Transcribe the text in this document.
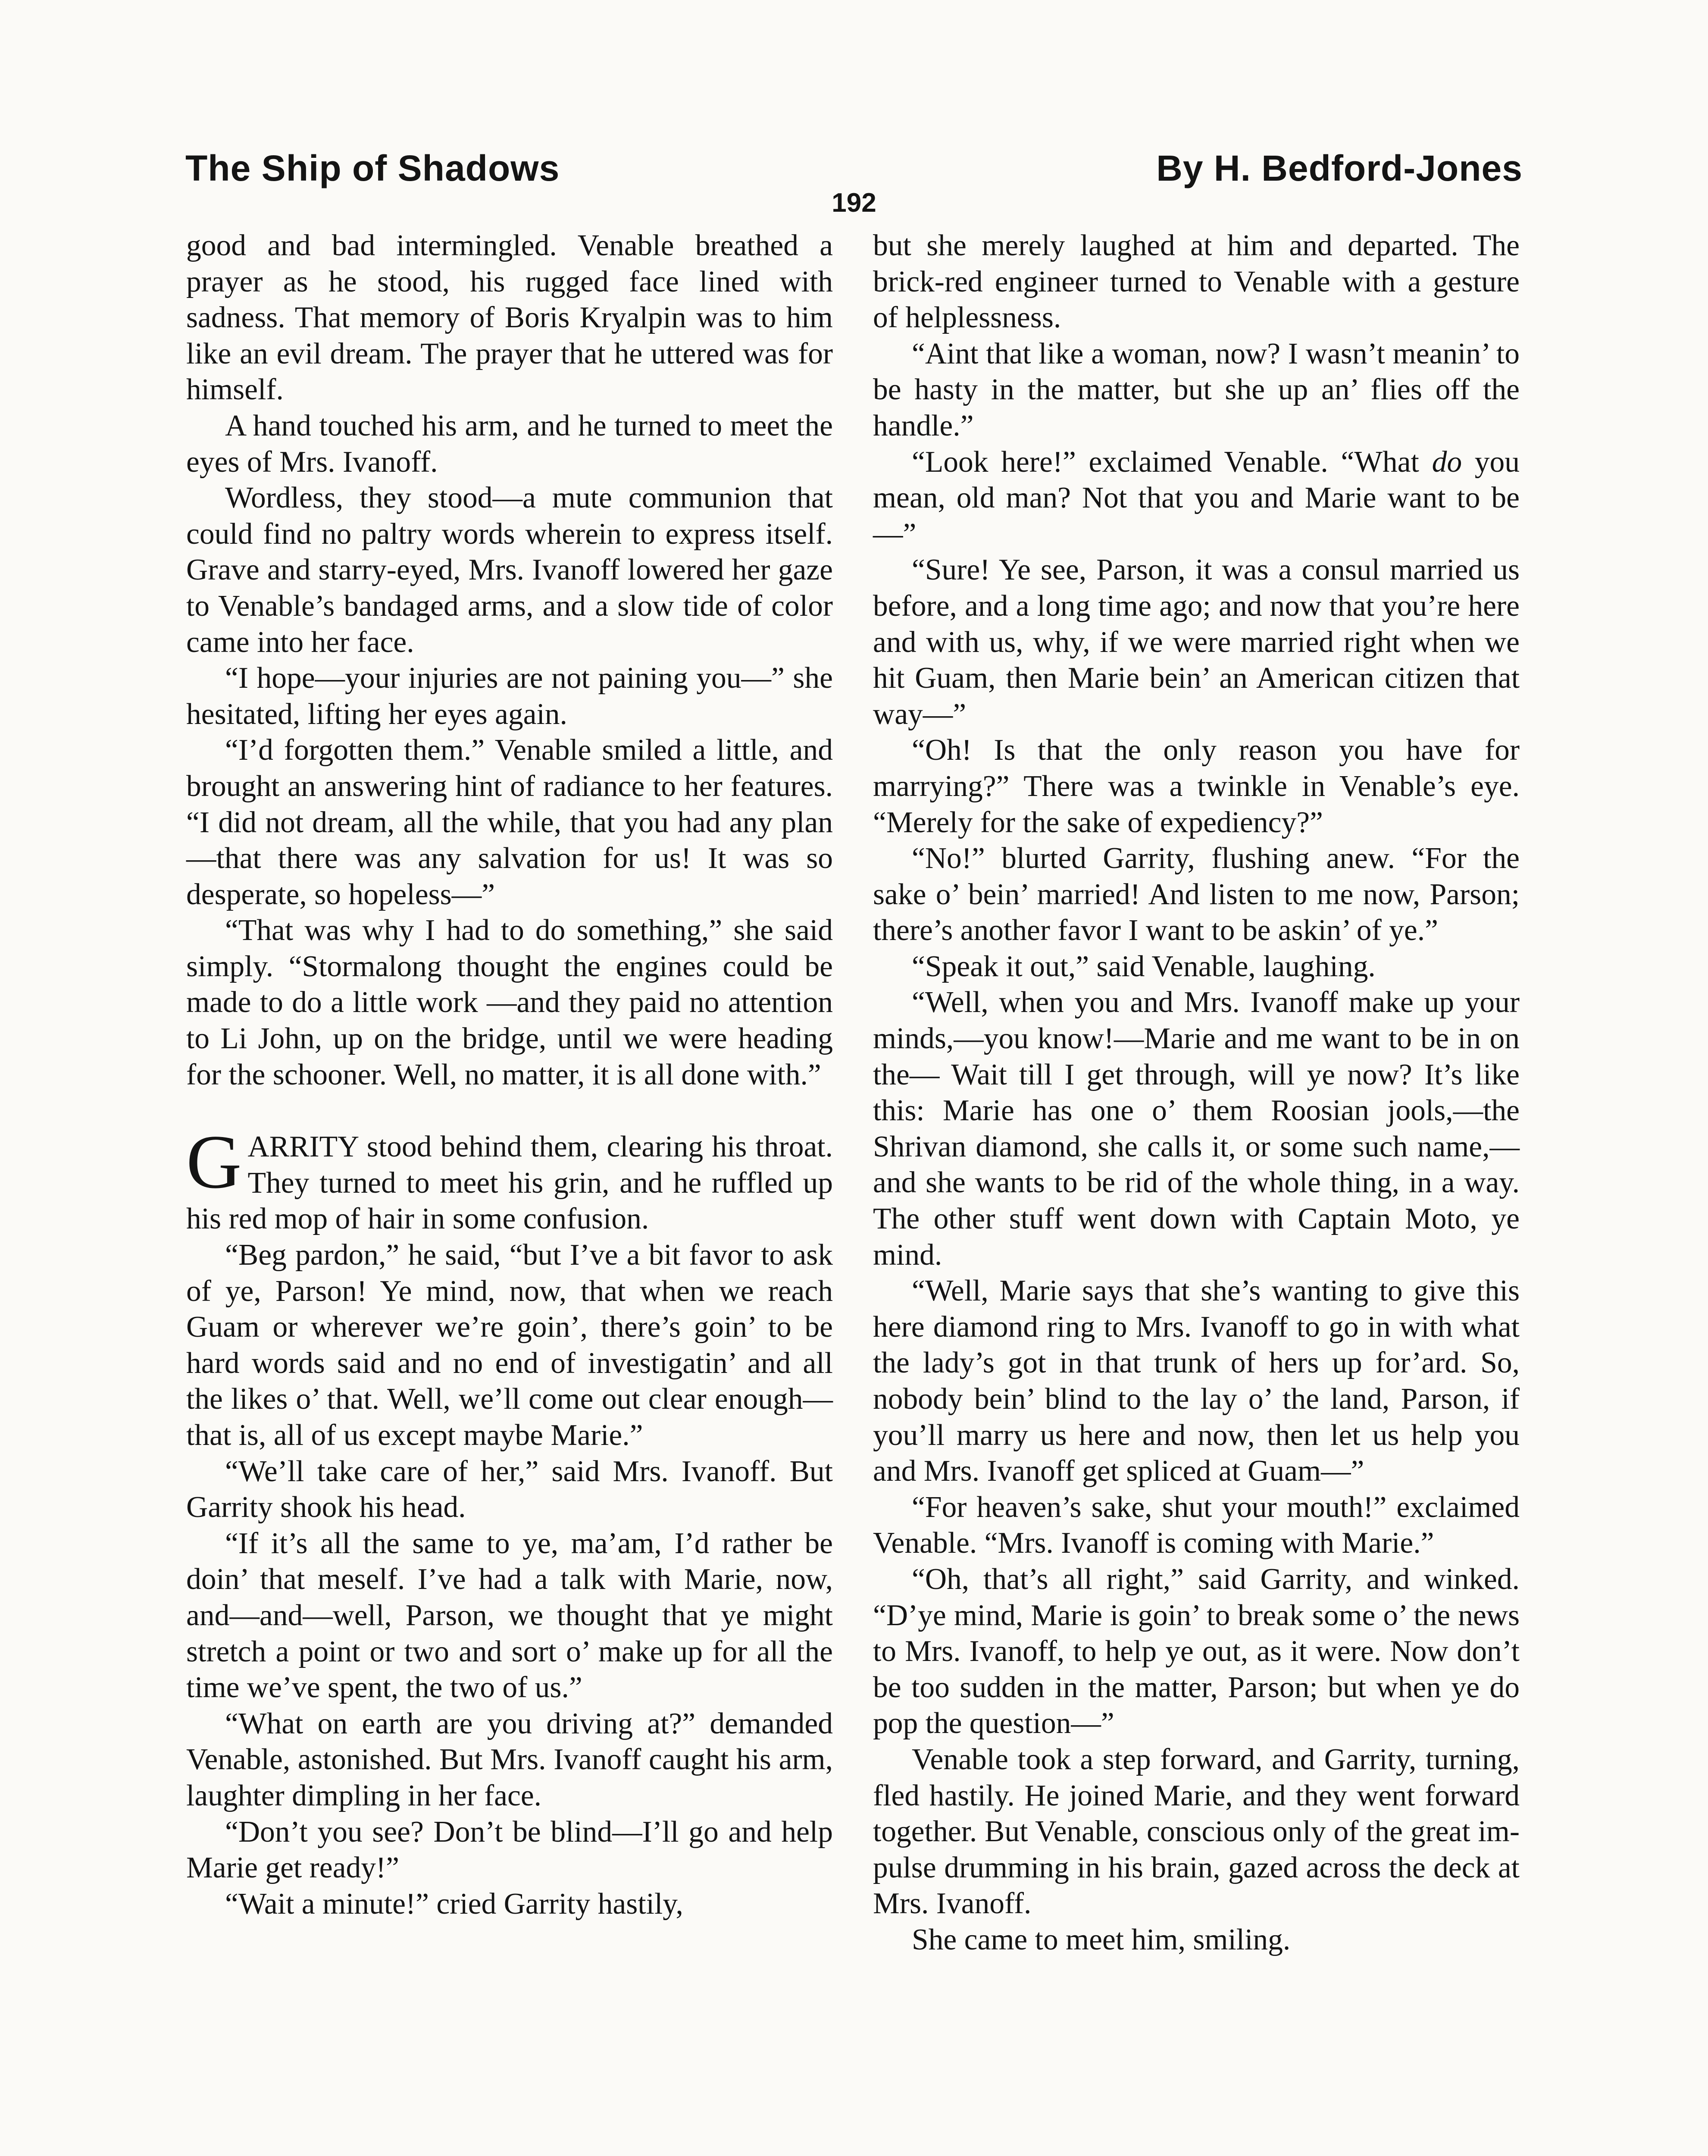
The Ship of Shadows	By H. Bedford-Jones
192

good and bad intermingled. Venable breathed a prayer as he stood, his rugged face lined with sadness. That memory of Boris Kryalpin was to him like an evil dream. The prayer that he uttered was for himself.

A hand touched his arm, and he turned to meet the eyes of Mrs. Ivanoff.

Wordless, they stood—a mute communion that could find no paltry words wherein to express itself. Grave and starry-eyed, Mrs. Ivanoff lowered her gaze to Venable’s bandaged arms, and a slow tide of color came into her face.

“I hope—your injuries are not paining you—” she hesitated, lifting her eyes again.

“I’d forgotten them.” Venable smiled a little, and brought an answering hint of radiance to her features. “I did not dream, all the while, that you had any plan—that there was any salvation for us! It was so desperate, so hopeless—”

“That was why I had to do something,” she said simply. “Stormalong thought the engines could be made to do a little work —and they paid no attention to Li John, up on the bridge, until we were heading for the schooner. Well, no matter, it is all done with.”

GARRITY stood behind them, clearing his throat. They turned to meet his grin, and he ruffled up his red mop of hair in some confusion.

“Beg pardon,” he said, “but I’ve a bit favor to ask of ye, Parson! Ye mind, now, that when we reach Guam or wherever we’re goin’, there’s goin’ to be hard words said and no end of investigatin’ and all the likes o’ that. Well, we’ll come out clear enough—that is, all of us except maybe Marie.”

“We’ll take care of her,” said Mrs. Ivanoff. But Garrity shook his head.

“If it’s all the same to ye, ma’am, I’d rather be doin’ that meself. I’ve had a talk with Marie, now, and—and—well, Parson, we thought that ye might stretch a point or two and sort o’ make up for all the time we’ve spent, the two of us.”

“What on earth are you driving at?” demanded Venable, astonished. But Mrs. Ivanoff caught his arm, laughter dimpling in her face.

“Don’t you see? Don’t be blind—I’ll go and help Marie get ready!”

“Wait a minute!” cried Garrity hastily,

but she merely laughed at him and departed. The brick-red engineer turned to Venable with a gesture of helplessness.

“Aint that like a woman, now? I wasn’t meanin’ to be hasty in the matter, but she up an’ flies off the handle.”

“Look here!” exclaimed Venable. “What do you mean, old man? Not that you and Marie want to be—”

“Sure! Ye see, Parson, it was a consul married us before, and a long time ago; and now that you’re here and with us, why, if we were married right when we hit Guam, then Marie bein’ an American citizen that way—”

“Oh! Is that the only reason you have for marrying?” There was a twinkle in Venable’s eye. “Merely for the sake of expediency?”

“No!” blurted Garrity, flushing anew. “For the sake o’ bein’ married! And listen to me now, Parson; there’s another favor I want to be askin’ of ye.”

“Speak it out,” said Venable, laughing.

“Well, when you and Mrs. Ivanoff make up your minds,—you know!—Marie and me want to be in on the— Wait till I get through, will ye now? It’s like this: Marie has one o’ them Roosian jools,—the Shrivan diamond, she calls it, or some such name,—and she wants to be rid of the whole thing, in a way. The other stuff went down with Captain Moto, ye mind.

“Well, Marie says that she’s wanting to give this here diamond ring to Mrs. Ivanoff to go in with what the lady’s got in that trunk of hers up for’ard. So, nobody bein’ blind to the lay o’ the land, Parson, if you’ll marry us here and now, then let us help you and Mrs. Ivanoff get spliced at Guam—”

“For heaven’s sake, shut your mouth!” exclaimed Venable. “Mrs. Ivanoff is coming with Marie.”

“Oh, that’s all right,” said Garrity, and winked. “D’ye mind, Marie is goin’ to break some o’ the news to Mrs. Ivanoff, to help ye out, as it were. Now don’t be too sudden in the matter, Parson; but when ye do pop the question—”

Venable took a step forward, and Garrity, turning, fled hastily. He joined Marie, and they went forward together. But Venable, conscious only of the great impulse drumming in his brain, gazed across the deck at Mrs. Ivanoff.

She came to meet him, smiling.
